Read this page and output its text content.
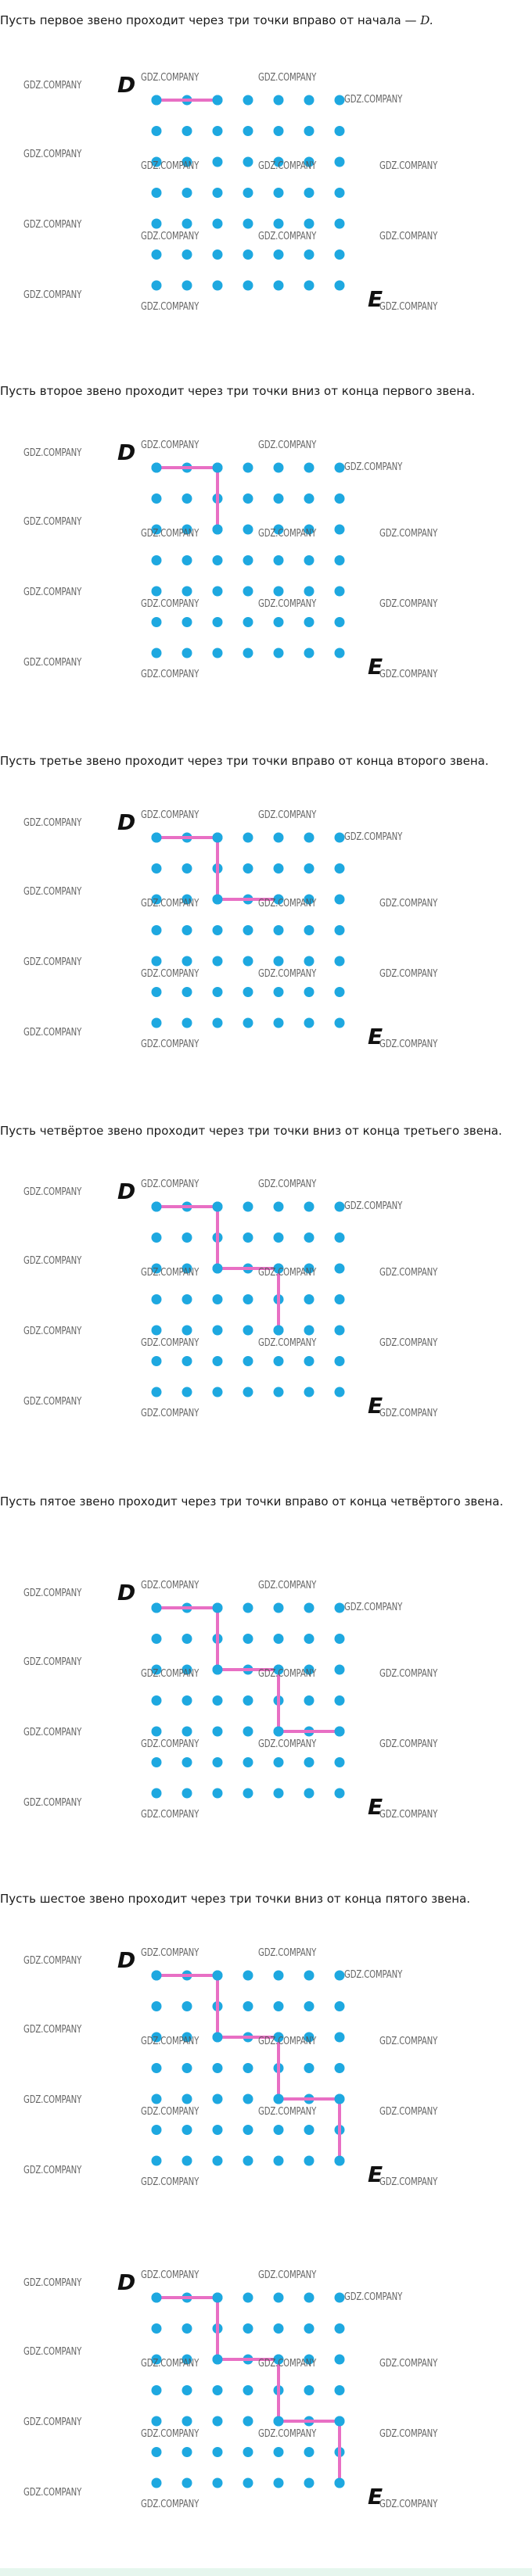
Пусть первое звено проходит через три точки вправо от начала — D.

D
E
GDZ.COMPANY
GDZ.COMPANY	GDZ.COMPANY
GDZ.COMPANY
GDZ.COMPANY
GDZ.COMPANY	GDZ.COMPANY	GDZ.COMPANY
GDZ.COMPANY
GDZ.COMPANY	GDZ.COMPANY	GDZ.COMPANY
GDZ.COMPANY
GDZ.COMPANY	GDZ.COMPANY

Пусть второе звено проходит через три точки вниз от конца первого звена.

D
E
GDZ.COMPANY
GDZ.COMPANY	GDZ.COMPANY
GDZ.COMPANY
GDZ.COMPANY
GDZ.COMPANY	GDZ.COMPANY	GDZ.COMPANY
GDZ.COMPANY
GDZ.COMPANY	GDZ.COMPANY	GDZ.COMPANY
GDZ.COMPANY
GDZ.COMPANY	GDZ.COMPANY

Пусть третье звено проходит через три точки вправо от конца второго звена.

D
E
GDZ.COMPANY
GDZ.COMPANY	GDZ.COMPANY
GDZ.COMPANY
GDZ.COMPANY
GDZ.COMPANY	GDZ.COMPANY	GDZ.COMPANY
GDZ.COMPANY
GDZ.COMPANY	GDZ.COMPANY	GDZ.COMPANY
GDZ.COMPANY
GDZ.COMPANY	GDZ.COMPANY

Пусть четвёртое звено проходит через три точки вниз от конца третьего звена.

D
E
GDZ.COMPANY
GDZ.COMPANY	GDZ.COMPANY
GDZ.COMPANY
GDZ.COMPANY
GDZ.COMPANY	GDZ.COMPANY	GDZ.COMPANY
GDZ.COMPANY
GDZ.COMPANY	GDZ.COMPANY	GDZ.COMPANY
GDZ.COMPANY
GDZ.COMPANY	GDZ.COMPANY

Пусть пятое звено проходит через три точки вправо от конца четвёртого звена.

D
E
GDZ.COMPANY
GDZ.COMPANY	GDZ.COMPANY
GDZ.COMPANY
GDZ.COMPANY
GDZ.COMPANY	GDZ.COMPANY	GDZ.COMPANY
GDZ.COMPANY
GDZ.COMPANY	GDZ.COMPANY	GDZ.COMPANY
GDZ.COMPANY
GDZ.COMPANY	GDZ.COMPANY

Пусть шестое звено проходит через три точки вниз от конца пятого звена.

D
E
GDZ.COMPANY
GDZ.COMPANY	GDZ.COMPANY
GDZ.COMPANY
GDZ.COMPANY
GDZ.COMPANY	GDZ.COMPANY	GDZ.COMPANY
GDZ.COMPANY
GDZ.COMPANY	GDZ.COMPANY	GDZ.COMPANY
GDZ.COMPANY
GDZ.COMPANY	GDZ.COMPANY
D
E
GDZ.COMPANY
GDZ.COMPANY	GDZ.COMPANY
GDZ.COMPANY
GDZ.COMPANY
GDZ.COMPANY	GDZ.COMPANY	GDZ.COMPANY
GDZ.COMPANY
GDZ.COMPANY	GDZ.COMPANY	GDZ.COMPANY
GDZ.COMPANY
GDZ.COMPANY	GDZ.COMPANY
